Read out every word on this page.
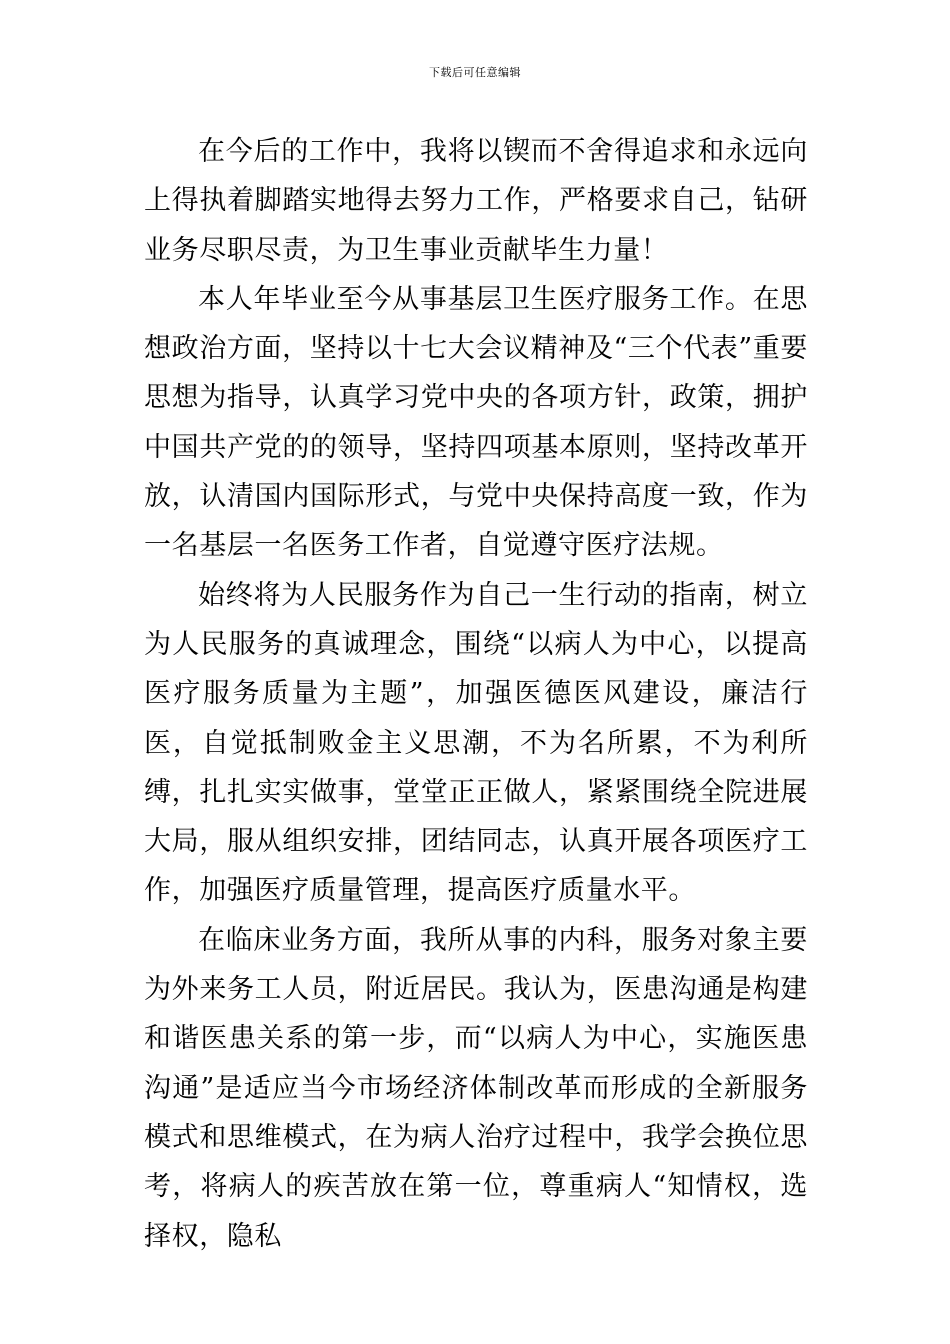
下载后可任意编辑

在今后的工作中，我将以锲而不舍得追求和永远向上得执着脚踏实地得去努力工作，严格要求自己，钻研业务尽职尽责，为卫生事业贡献毕生力量！

本人年毕业至今从事基层卫生医疗服务工作。在思想政治方面，坚持以十七大会议精神及“三个代表”重要思想为指导，认真学习党中央的各项方针，政策，拥护中国共产党的的领导，坚持四项基本原则，坚持改革开放，认清国内国际形式，与党中央保持高度一致，作为一名基层一名医务工作者，自觉遵守医疗法规。

始终将为人民服务作为自己一生行动的指南，树立为人民服务的真诚理念，围绕“以病人为中心，以提高医疗服务质量为主题”，加强医德医风建设，廉洁行医，自觉抵制败金主义思潮，不为名所累，不为利所缚，扎扎实实做事，堂堂正正做人，紧紧围绕全院进展大局，服从组织安排，团结同志，认真开展各项医疗工作，加强医疗质量管理，提高医疗质量水平。

在临床业务方面，我所从事的内科，服务对象主要为外来务工人员，附近居民。我认为，医患沟通是构建和谐医患关系的第一步，而“以病人为中心，实施医患沟通”是适应当今市场经济体制改革而形成的全新服务模式和思维模式，在为病人治疗过程中，我学会换位思考，将病人的疾苦放在第一位，尊重病人“知情权，选择权，隐私
